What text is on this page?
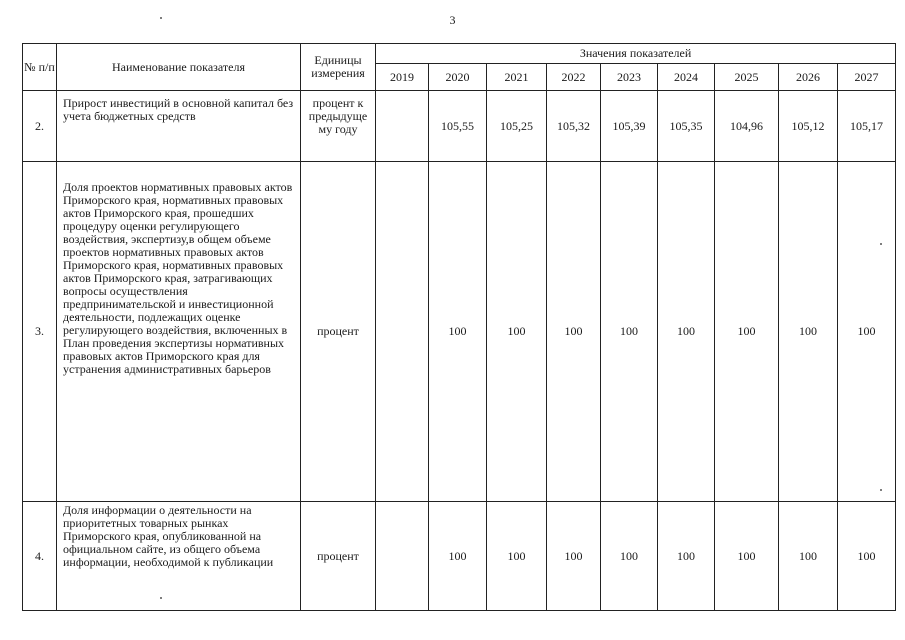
3
№ п/п	Наименование показателя	Единицы измерения	Значения показателей								
			2019	2020	2021	2022	2023	2024	2025	2026	2027
2.	Прирост инвестиций в основной капитал без учета бюджетных средств	процент к предыдуще му году		105,55	105,25	105,32	105,39	105,35	104,96	105,12	105,17
3.	Доля проектов нормативных правовых актов Приморского края, нормативных правовых актов Приморского края, прошедших процедуру оценки регулирующего воздействия, экспертизу,в общем объеме проектов нормативных правовых актов Приморского края, нормативных правовых актов Приморского края, затрагивающих вопросы осуществления предпринимательской и инвестиционной деятельности, подлежащих оценке регулирующего воздействия, включенных в План проведения экспертизы нормативных правовых актов Приморского края для устранения административных барьеров	процент		100	100	100	100	100	100	100	100
4.	Доля информации о деятельности на приоритетных товарных рынках Приморского края, опубликованной на официальном сайте, из общего объема информации, необходимой к публикации	процент		100	100	100	100	100	100	100	100
